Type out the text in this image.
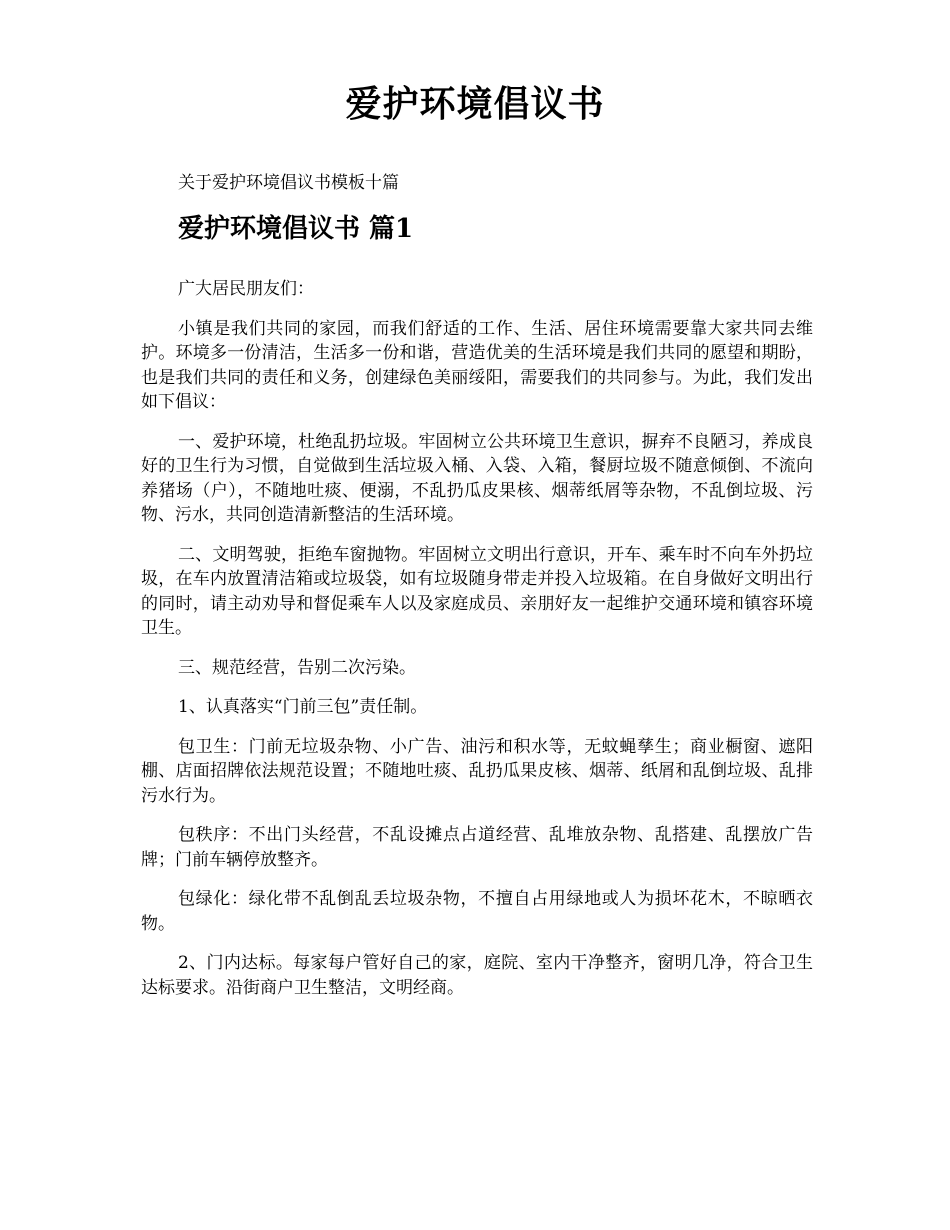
爱护环境倡议书

关于爱护环境倡议书模板十篇

爱护环境倡议书 篇1

广大居民朋友们：

小镇是我们共同的家园，而我们舒适的工作、生活、居住环境需要靠大家共同去维护。环境多一份清洁，生活多一份和谐，营造优美的生活环境是我们共同的愿望和期盼，也是我们共同的责任和义务，创建绿色美丽绥阳，需要我们的共同参与。为此，我们发出如下倡议：

一、爱护环境，杜绝乱扔垃圾。牢固树立公共环境卫生意识，摒弃不良陋习，养成良好的卫生行为习惯，自觉做到生活垃圾入桶、入袋、入箱，餐厨垃圾不随意倾倒、不流向养猪场（户），不随地吐痰、便溺，不乱扔瓜皮果核、烟蒂纸屑等杂物，不乱倒垃圾、污物、污水，共同创造清新整洁的生活环境。

二、文明驾驶，拒绝车窗抛物。牢固树立文明出行意识，开车、乘车时不向车外扔垃圾，在车内放置清洁箱或垃圾袋，如有垃圾随身带走并投入垃圾箱。在自身做好文明出行的同时，请主动劝导和督促乘车人以及家庭成员、亲朋好友一起维护交通环境和镇容环境卫生。

三、规范经营，告别二次污染。

1、认真落实“门前三包”责任制。

包卫生：门前无垃圾杂物、小广告、油污和积水等，无蚊蝇孳生；商业橱窗、遮阳棚、店面招牌依法规范设置；不随地吐痰、乱扔瓜果皮核、烟蒂、纸屑和乱倒垃圾、乱排污水行为。

包秩序：不出门头经营，不乱设摊点占道经营、乱堆放杂物、乱搭建、乱摆放广告牌；门前车辆停放整齐。

包绿化：绿化带不乱倒乱丢垃圾杂物，不擅自占用绿地或人为损坏花木，不晾晒衣物。

2、门内达标。每家每户管好自己的家，庭院、室内干净整齐，窗明几净，符合卫生达标要求。沿街商户卫生整洁，文明经商。
